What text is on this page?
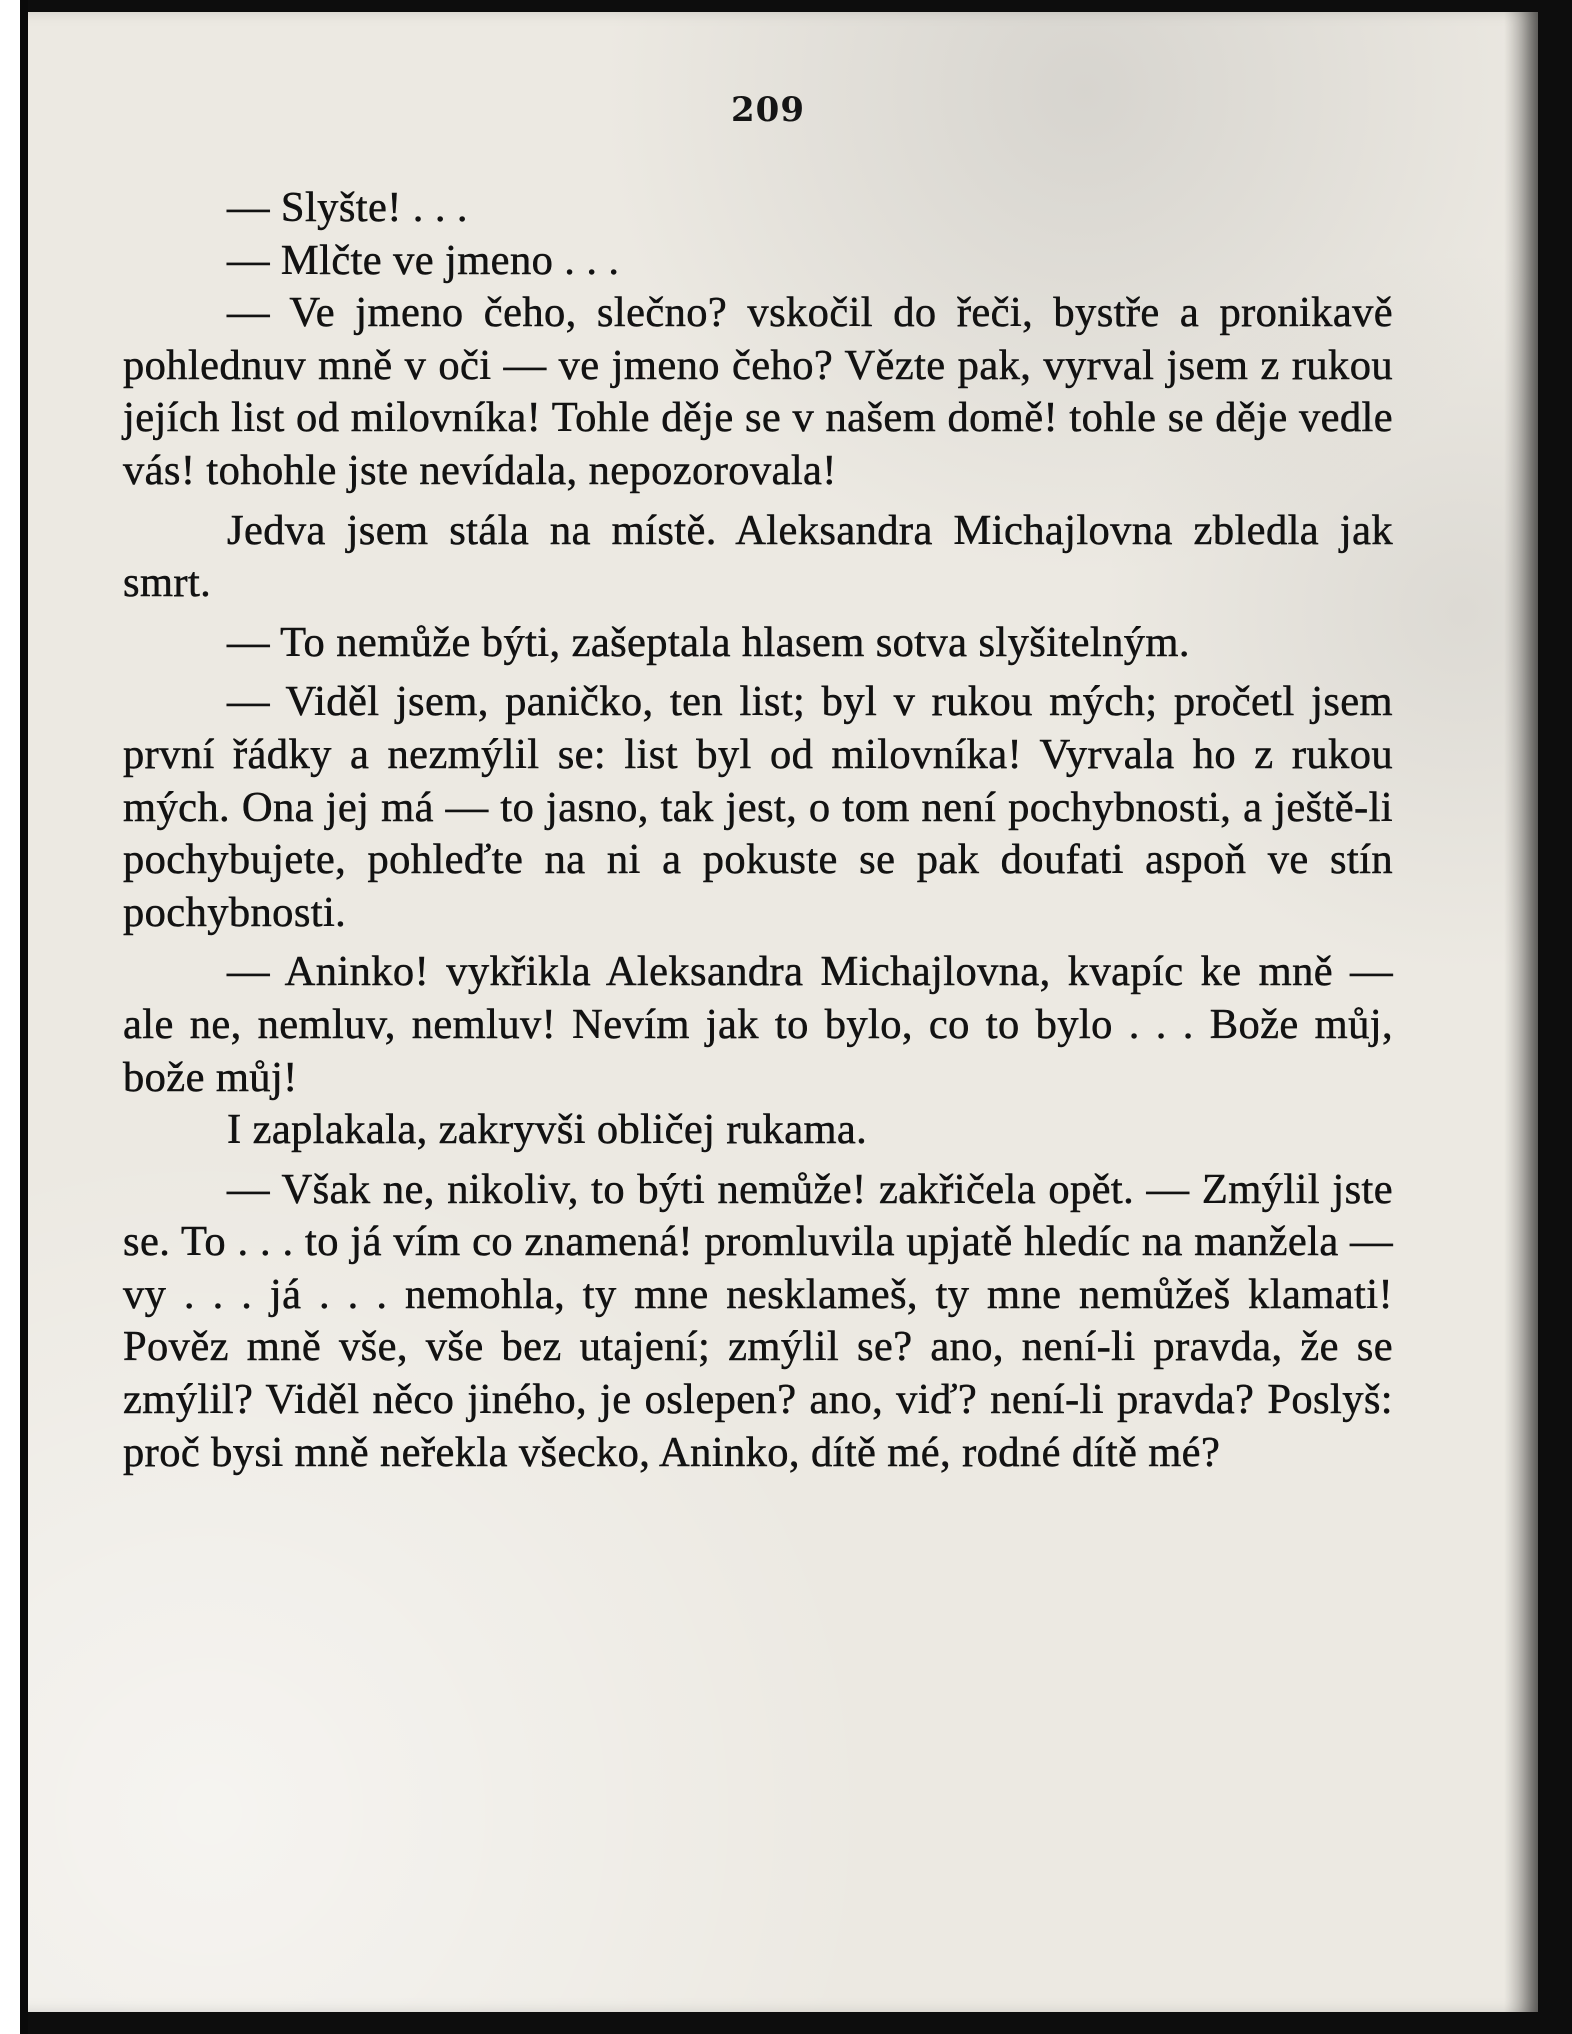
209

— Slyšte! . . .

— Mlčte ve jmeno . . .

— Ve jmeno čeho, slečno? vskočil do řeči, bystře a pronikavě pohlednuv mně v oči — ve jmeno čeho? Vězte pak, vyrval jsem z rukou jejích list od milovníka! Tohle děje se v našem domě! tohle se děje vedle vás! tohohle jste nevídala, nepozorovala!

Jedva jsem stála na místě. Aleksandra Michajlovna zbledla jak smrt.

— To nemůže býti, zašeptala hlasem sotva slyšitelným.

— Viděl jsem, paničko, ten list; byl v rukou mých; pročetl jsem první řádky a nezmýlil se: list byl od milovníka! Vyrvala ho z rukou mých. Ona jej má — to jasno, tak jest, o tom není pochybnosti, a ještě-li pochybujete, pohleďte na ni a pokuste se pak doufati aspoň ve stín pochybnosti.

— Aninko! vykřikla Aleksandra Michajlovna, kvapíc ke mně — ale ne, nemluv, nemluv! Nevím jak to bylo, co to bylo . . . Bože můj, bože můj!

I zaplakala, zakryvši obličej rukama.

— Však ne, nikoliv, to býti nemůže! zakřičela opět. — Zmýlil jste se. To . . . to já vím co znamená! promluvila upjatě hledíc na manžela — vy . . . já . . . nemohla, ty mne nesklameš, ty mne nemůžeš klamati! Pověz mně vše, vše bez utajení; zmýlil se? ano, není-li pravda, že se zmýlil? Viděl něco jiného, je oslepen? ano, viď? není-li pravda? Poslyš: proč bysi mně neřekla všecko, Aninko, dítě mé, rodné dítě mé?
